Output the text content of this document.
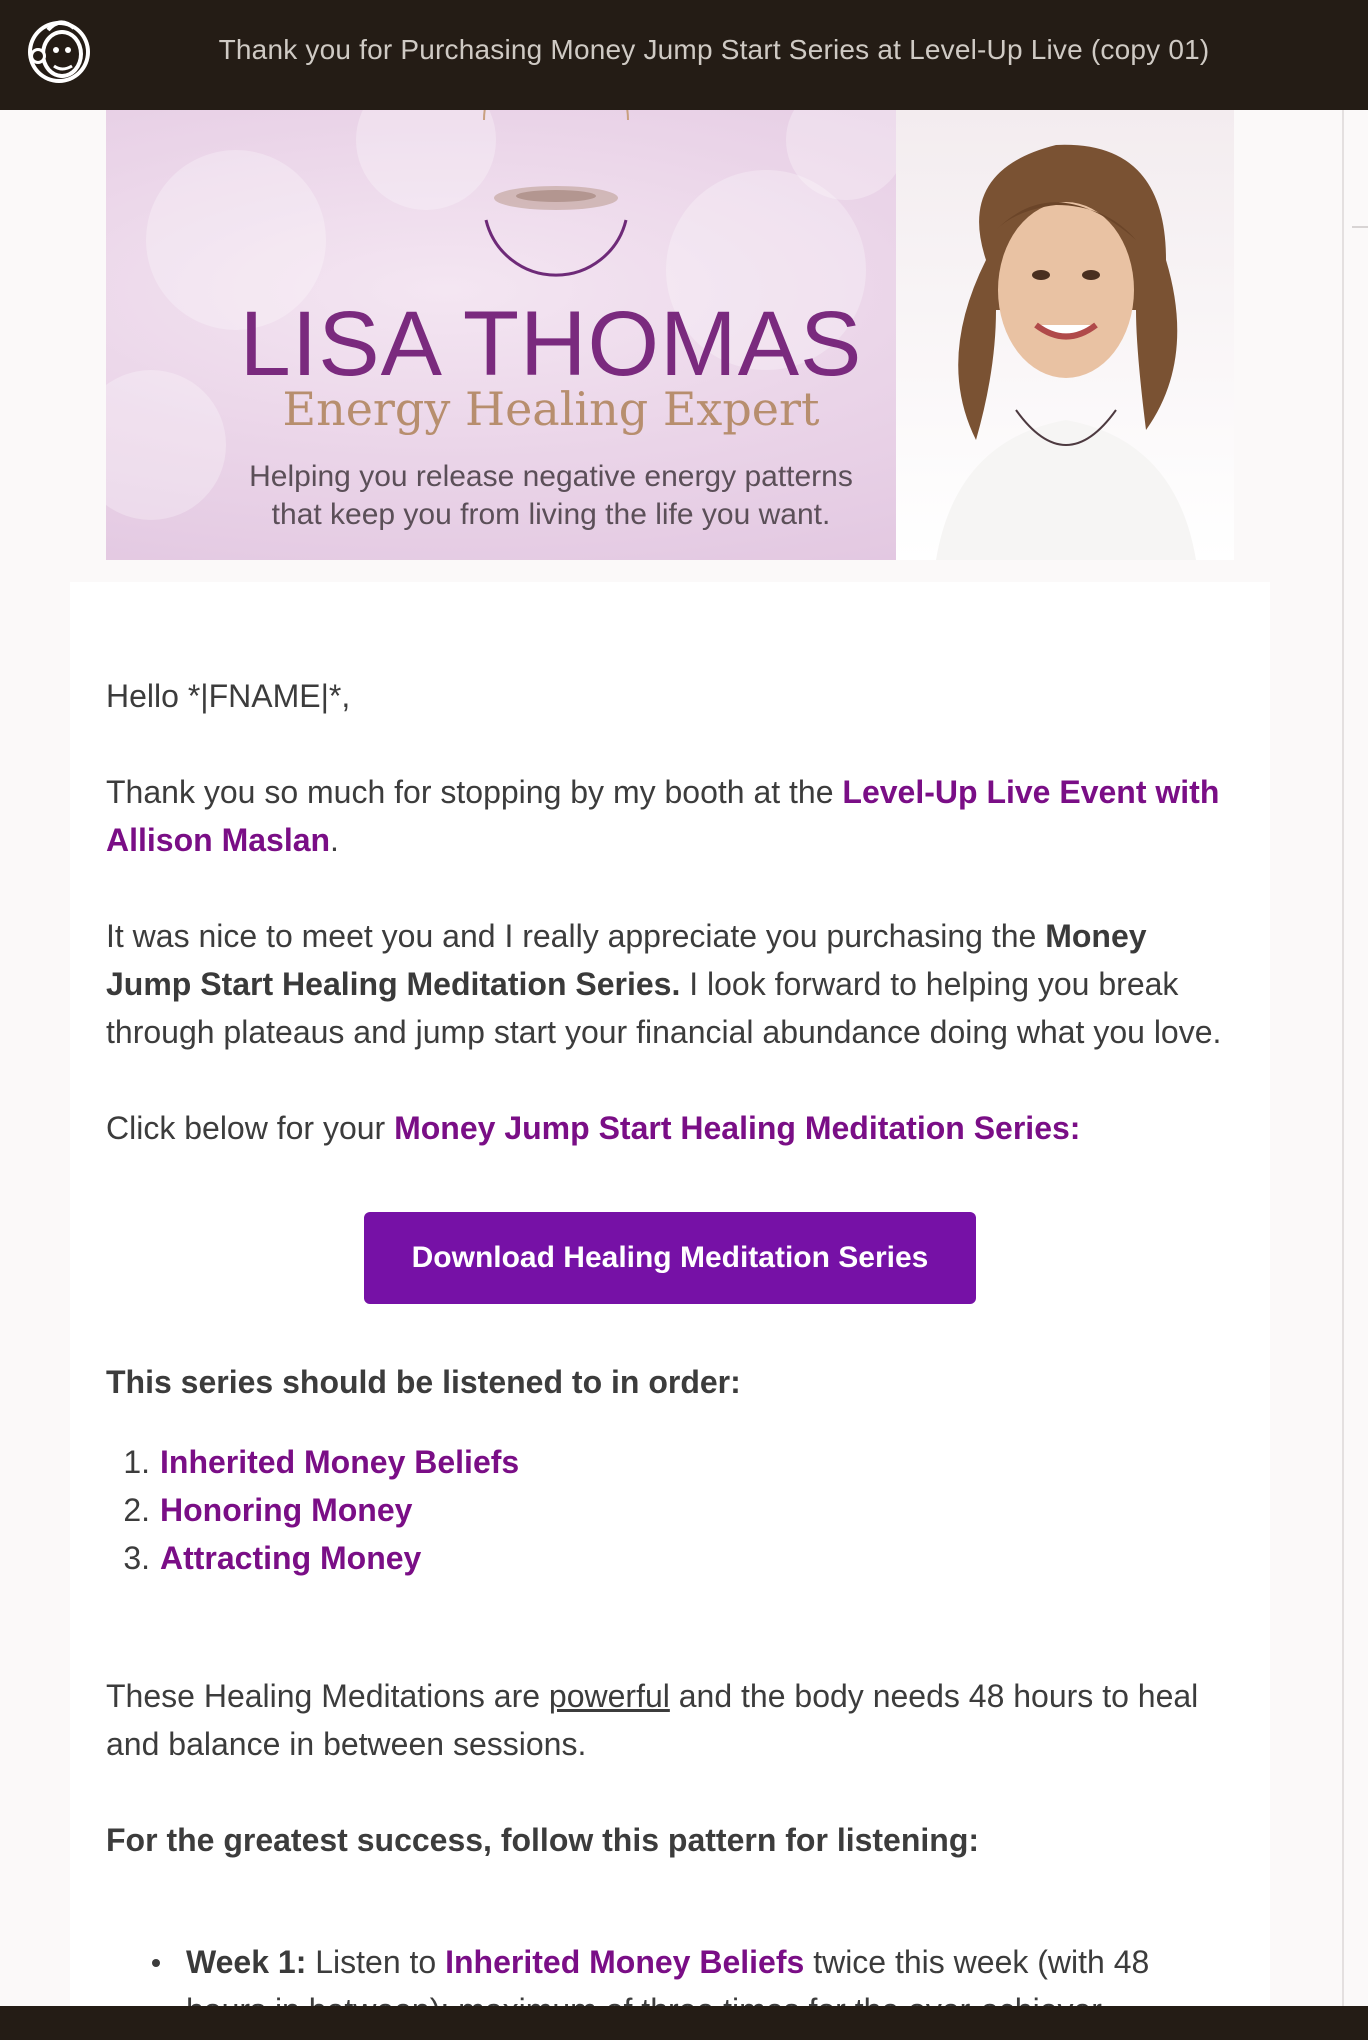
Thank you for Purchasing Money Jump Start Series at Level-Up Live (copy 01)
LISA THOMAS
Energy Healing Expert
Helping you release negative energy patterns
that keep you from living the life you want.

Hello *|FNAME|*,

Thank you so much for stopping by my booth at the Level-Up Live Event with Allison Maslan.

It was nice to meet you and I really appreciate you purchasing the Money Jump Start Healing Meditation Series. I look forward to helping you break through plateaus and jump start your financial abundance doing what you love.

Click below for your Money Jump Start Healing Meditation Series:

Download Healing Meditation Series

This series should be listened to in order:

1. Inherited Money Beliefs
2. Honoring Money
3. Attracting Money

These Healing Meditations are powerful and the body needs 48 hours to heal and balance in between sessions.

For the greatest success, follow this pattern for listening:

Week 1: Listen to Inherited Money Beliefs twice this week (with 48
